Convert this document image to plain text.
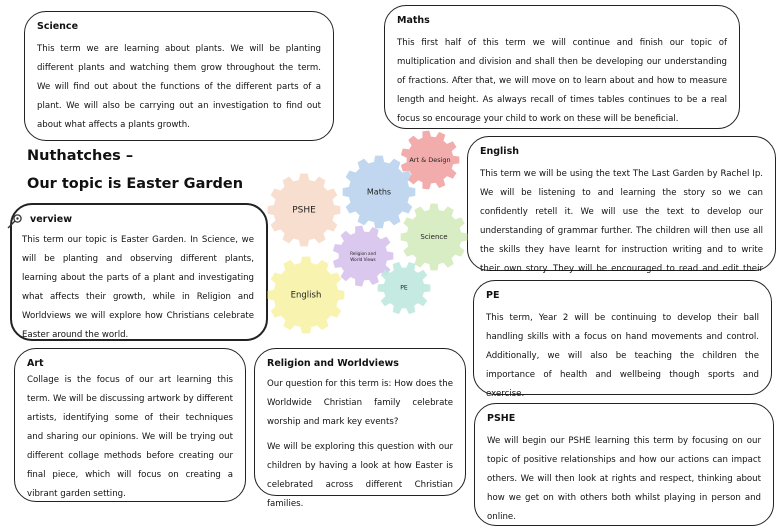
Science

This term we are learning about plants. We will be planting different plants and watching them grow throughout the term. We will find out about the functions of the different parts of a plant. We will also be carrying out an investigation to find out about what affects a plants growth.

Maths

This first half of this term we will continue and finish our topic of multiplication and division and shall then be developing our understanding of fractions. After that, we will move on to learn about and how to measure length and height. As always recall of times tables continues to be a real focus so encourage your child to work on these will be beneficial.

Nuthatches –
Our topic is Easter Garden
verview

This term our topic is Easter Garden. In Science, we will be planting and observing different plants, learning about the parts of a plant and investigating what affects their growth, while in Religion and Worldviews we will explore how Christians celebrate Easter around the world.

English

This term we will be using the text The Last Garden by Rachel Ip. We will be listening to and learning the story so we can confidently retell it. We will use the text to develop our understanding of grammar further. The children will then use all the skills they have learnt for instruction writing and to write their own story. They will be encouraged to read and edit their

PE

This term, Year 2 will be continuing to develop their ball handling skills with a focus on hand movements and control. Additionally, we will also be teaching the children the importance of health and wellbeing though sports and exercise.

Art

Collage is the focus of our art learning this term. We will be discussing artwork by different artists, identifying some of their techniques and sharing our opinions. We will be trying out different collage methods before creating our final piece, which will focus on creating a vibrant garden setting.

Religion and Worldviews

Our question for this term is: How does the Worldwide Christian family celebrate worship and mark key events?

We will be exploring this question with our children by having a look at how Easter is celebrated across different Christian families.

PSHE

We will begin our PSHE learning this term by focusing on our topic of positive relationships and how our actions can impact others. We will then look at rights and respect, thinking about how we get on with others both whilst playing in person and online.

PSHE
Maths
Art & Design
Science
English
Religion and
World Views
PE
